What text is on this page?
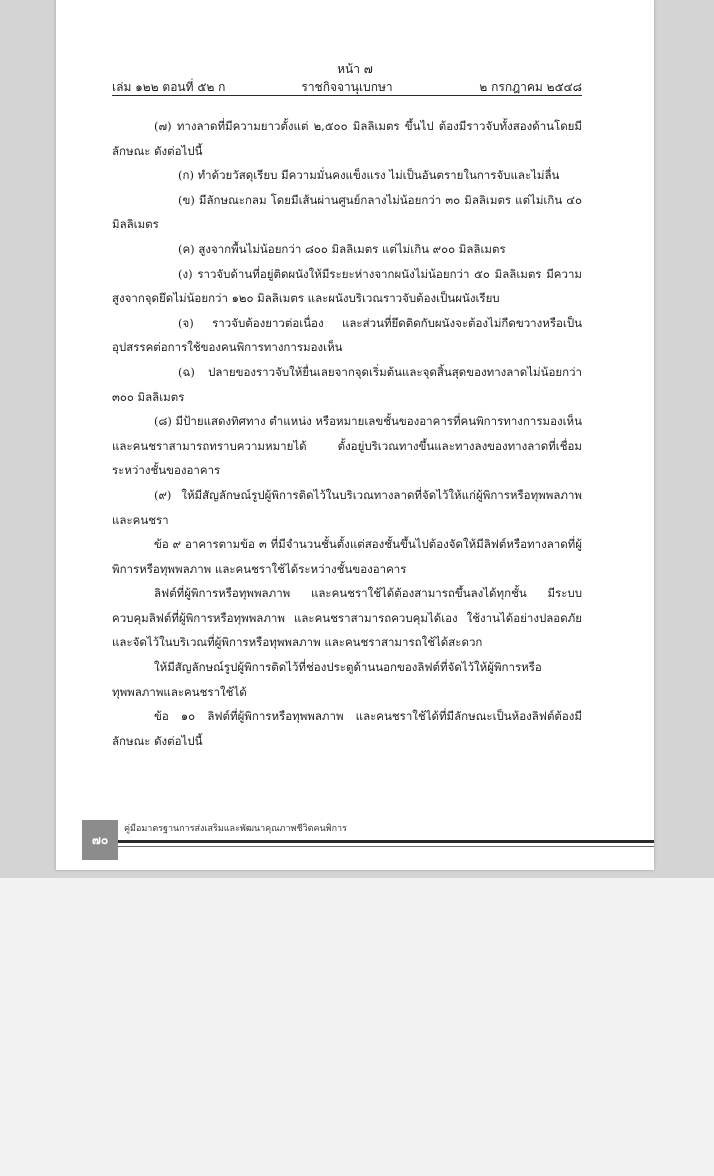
หน้า ๗
เล่ม ๑๒๒ ตอนที่ ๕๒ ก	ราชกิจจานุเบกษา	๒ กรกฎาคม ๒๕๔๘

(๗) ทางลาดที่มีความยาวตั้งแต่ ๒,๕๐๐ มิลลิเมตร ขึ้นไป ต้องมีราวจับทั้งสองด้านโดยมีลักษณะ ดังต่อไปนี้

(ก) ทำด้วยวัสดุเรียบ มีความมั่นคงแข็งแรง ไม่เป็นอันตรายในการจับและไม่ลื่น

(ข) มีลักษณะกลม โดยมีเส้นผ่านศูนย์กลางไม่น้อยกว่า ๓๐ มิลลิเมตร แต่ไม่เกิน ๔๐ มิลลิเมตร

(ค) สูงจากพื้นไม่น้อยกว่า ๘๐๐ มิลลิเมตร แต่ไม่เกิน ๙๐๐ มิลลิเมตร

(ง) ราวจับด้านที่อยู่ติดผนังให้มีระยะห่างจากผนังไม่น้อยกว่า ๕๐ มิลลิเมตร มีความสูงจากจุดยึดไม่น้อยกว่า ๑๒๐ มิลลิเมตร และผนังบริเวณราวจับต้องเป็นผนังเรียบ

(จ) ราวจับต้องยาวต่อเนื่อง และส่วนที่ยึดติดกับผนังจะต้องไม่กีดขวางหรือเป็นอุปสรรคต่อการใช้ของคนพิการทางการมองเห็น

(ฉ) ปลายของราวจับให้ยื่นเลยจากจุดเริ่มต้นและจุดสิ้นสุดของทางลาดไม่น้อยกว่า ๓๐๐ มิลลิเมตร

(๘) มีป้ายแสดงทิศทาง ตำแหน่ง หรือหมายเลขชั้นของอาคารที่คนพิการทางการมองเห็นและคนชราสามารถทราบความหมายได้ ตั้งอยู่บริเวณทางขึ้นและทางลงของทางลาดที่เชื่อมระหว่างชั้นของอาคาร

(๙) ให้มีสัญลักษณ์รูปผู้พิการติดไว้ในบริเวณทางลาดที่จัดไว้ให้แก่ผู้พิการหรือทุพพลภาพและคนชรา

ข้อ ๙ อาคารตามข้อ ๓ ที่มีจำนวนชั้นตั้งแต่สองชั้นขึ้นไปต้องจัดให้มีลิฟต์หรือทางลาดที่ผู้พิการหรือทุพพลภาพ และคนชราใช้ได้ระหว่างชั้นของอาคาร

ลิฟต์ที่ผู้พิการหรือทุพพลภาพ และคนชราใช้ได้ต้องสามารถขึ้นลงได้ทุกชั้น มีระบบควบคุมลิฟต์ที่ผู้พิการหรือทุพพลภาพ และคนชราสามารถควบคุมได้เอง ใช้งานได้อย่างปลอดภัย และจัดไว้ในบริเวณที่ผู้พิการหรือทุพพลภาพ และคนชราสามารถใช้ได้สะดวก

ให้มีสัญลักษณ์รูปผู้พิการติดไว้ที่ช่องประตูด้านนอกของลิฟต์ที่จัดไว้ให้ผู้พิการหรือทุพพลภาพและคนชราใช้ได้

ข้อ ๑๐ ลิฟต์ที่ผู้พิการหรือทุพพลภาพ และคนชราใช้ได้ที่มีลักษณะเป็นห้องลิฟต์ต้องมีลักษณะ ดังต่อไปนี้

๗๐
คู่มือมาตรฐานการส่งเสริมและพัฒนาคุณภาพชีวิตคนพิการ
